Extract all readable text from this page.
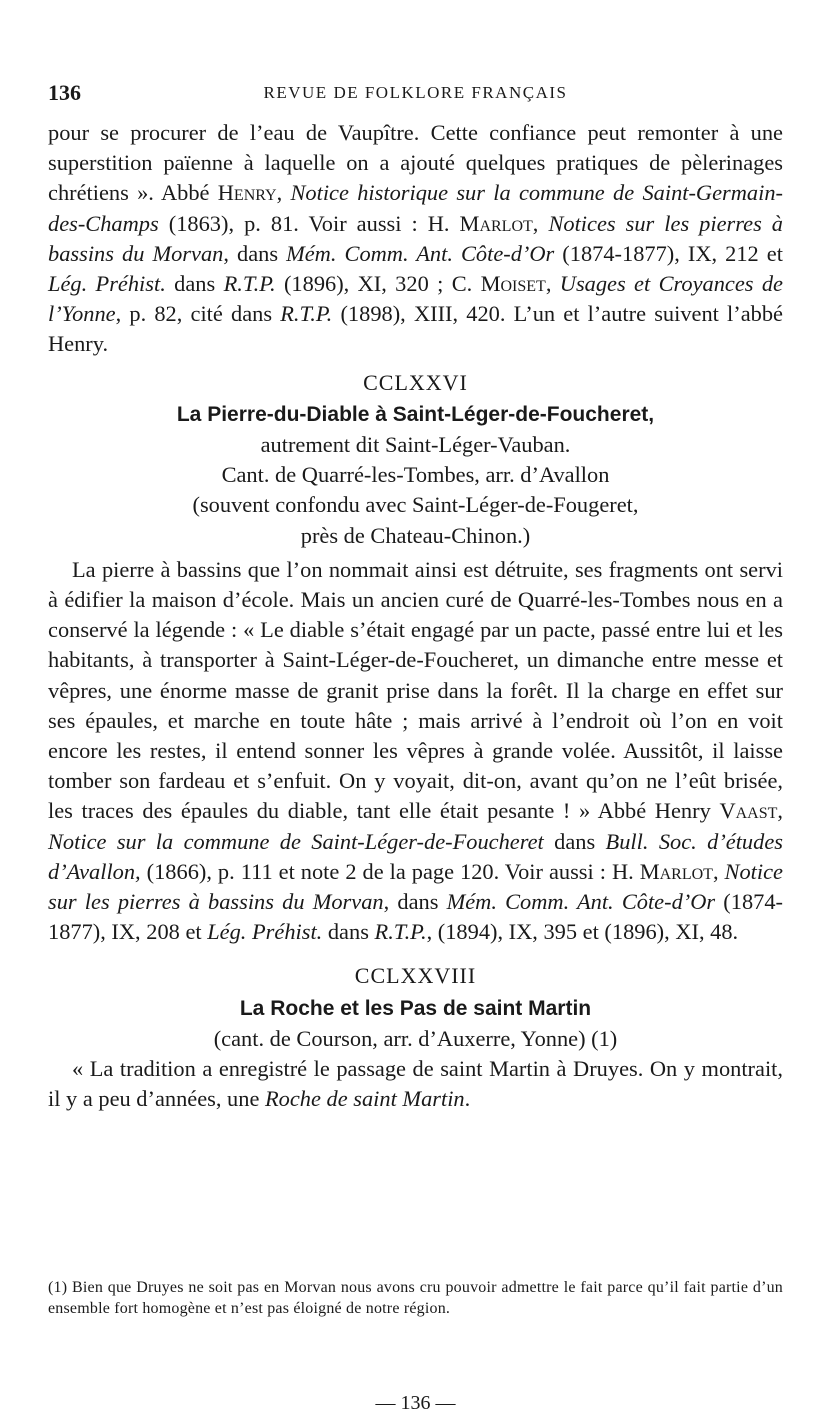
136	REVUE DE FOLKLORE FRANÇAIS

pour se procurer de l’eau de Vaupître. Cette confiance peut remonter à une superstition païenne à laquelle on a ajouté quelques pratiques de pèlerinages chrétiens ». Abbé Henry, Notice historique sur la commune de Saint-Germain-des-Champs (1863), p. 81. Voir aussi : H. Marlot, Notices sur les pierres à bassins du Morvan, dans Mém. Comm. Ant. Côte-d’Or (1874-1877), IX, 212 et Lég. Préhist. dans R.T.P. (1896), XI, 320 ; C. Moiset, Usages et Croyances de l’Yonne, p. 82, cité dans R.T.P. (1898), XIII, 420. L’un et l’autre suivent l’abbé Henry.

CCLXXVI
La Pierre-du-Diable à Saint-Léger-de-Foucheret,
autrement dit Saint-Léger-Vauban.
Cant. de Quarré-les-Tombes, arr. d’Avallon
(souvent confondu avec Saint-Léger-de-Fougeret,
près de Chateau-Chinon.)

La pierre à bassins que l’on nommait ainsi est détruite, ses fragments ont servi à édifier la maison d’école. Mais un ancien curé de Quarré-les-Tombes nous en a conservé la légende : « Le diable s’était engagé par un pacte, passé entre lui et les habitants, à transporter à Saint-Léger-de-Foucheret, un dimanche entre messe et vêpres, une énorme masse de granit prise dans la forêt. Il la charge en effet sur ses épaules, et marche en toute hâte ; mais arrivé à l’endroit où l’on en voit encore les restes, il entend sonner les vêpres à grande volée. Aussitôt, il laisse tomber son fardeau et s’enfuit. On y voyait, dit-on, avant qu’on ne l’eût brisée, les traces des épaules du diable, tant elle était pesante ! » Abbé Henry Vaast, Notice sur la commune de Saint-Léger-de-Foucheret dans Bull. Soc. d’études d’Avallon, (1866), p. 111 et note 2 de la page 120. Voir aussi : H. Marlot, Notice sur les pierres à bassins du Morvan, dans Mém. Comm. Ant. Côte-d’Or (1874-1877), IX, 208 et Lég. Préhist. dans R.T.P., (1894), IX, 395 et (1896), XI, 48.

CCLXXVIII
La Roche et les Pas de saint Martin
(cant. de Courson, arr. d’Auxerre, Yonne) (1)

« La tradition a enregistré le passage de saint Martin à Druyes. On y montrait, il y a peu d’années, une Roche de saint Martin.

(1) Bien que Druyes ne soit pas en Morvan nous avons cru pouvoir admettre le fait parce qu’il fait partie d’un ensemble fort homogène et n’est pas éloigné de notre région.
— 136 —
